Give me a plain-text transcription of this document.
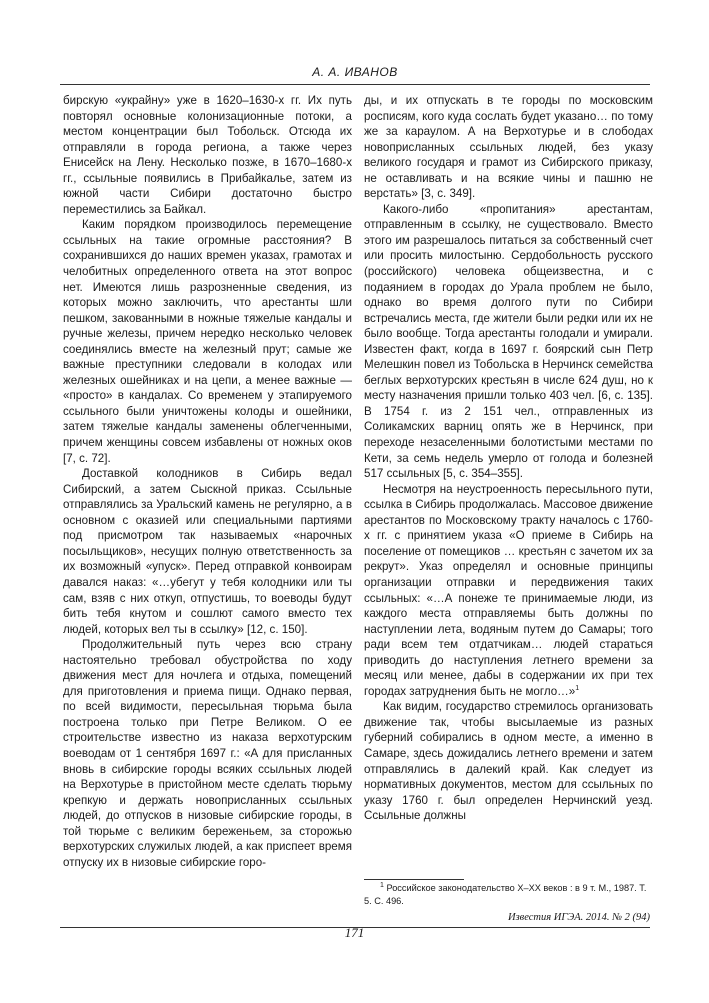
А. А. ИВАНОВ

бирскую «украйну» уже в 1620–1630-х гг. Их путь повторял основные колонизационные потоки, а местом концентрации был Тобольск. Отсюда их отправляли в города региона, а также через Енисейск на Лену. Несколько позже, в 1670–1680-х гг., ссыльные появились в Прибайкалье, затем из южной части Сибири достаточно быстро переместились за Байкал.

Каким порядком производилось перемещение ссыльных на такие огромные расстояния? В сохранившихся до наших времен указах, грамотах и челобитных определенного ответа на этот вопрос нет. Имеются лишь разрозненные сведения, из которых можно заключить, что арестанты шли пешком, закованными в ножные тяжелые кандалы и ручные железы, причем нередко несколько человек соединялись вместе на железный прут; самые же важные преступники следовали в колодах или железных ошейниках и на цепи, а менее важные — «просто» в кандалах. Со временем у этапируемого ссыльного были уничтожены колоды и ошейники, затем тяжелые кандалы заменены облегченными, причем женщины совсем избавлены от ножных оков [7, с. 72].

Доставкой колодников в Сибирь ведал Сибирский, а затем Сыскной приказ. Ссыльные отправлялись за Уральский камень не регулярно, а в основном с оказией или специальными партиями под присмотром так называемых «нарочных посыльщиков», несущих полную ответственность за их возможный «упуск». Перед отправкой конвоирам давался наказ: «…убегут у тебя колодники или ты сам, взяв с них откуп, отпустишь, то воеводы будут бить тебя кнутом и сошлют самого вместо тех людей, которых вел ты в ссылку» [12, с. 150].

Продолжительный путь через всю страну настоятельно требовал обустройства по ходу движения мест для ночлега и отдыха, помещений для приготовления и приема пищи. Однако первая, по всей видимости, пересыльная тюрьма была построена только при Петре Великом. О ее строительстве известно из наказа верхотурским воеводам от 1 сентября 1697 г.: «А для присланных вновь в сибирские городы всяких ссыльных людей на Верхотурье в пристойном месте сделать тюрьму крепкую и держать новоприсланных ссыльных людей, до отпусков в низовые сибирские городы, в той тюрьме с великим береженьем, за сторожью верхотурских служилых людей, а как приспеет время отпуску их в низовые сибирские горо-

ды, и их отпускать в те городы по московским росписям, кого куда сослать будет указано… по тому же за караулом. А на Верхотурье и в слободах новоприсланных ссыльных людей, без указу великого государя и грамот из Сибирского приказу, не оставливать и на всякие чины и пашню не верстать» [3, с. 349].

Какого-либо «пропитания» арестантам, отправленным в ссылку, не существовало. Вместо этого им разрешалось питаться за собственный счет или просить милостыню. Сердобольность русского (российского) человека общеизвестна, и с подаянием в городах до Урала проблем не было, однако во время долгого пути по Сибири встречались места, где жители были редки или их не было вообще. Тогда арестанты голодали и умирали. Известен факт, когда в 1697 г. боярский сын Петр Мелешкин повел из Тобольска в Нерчинск семейства беглых верхотурских крестьян в числе 624 душ, но к месту назначения пришли только 403 чел. [6, с. 135]. В 1754 г. из 2 151 чел., отправленных из Соликамских варниц опять же в Нерчинск, при переходе незаселенными болотистыми местами по Кети, за семь недель умерло от голода и болезней 517 ссыльных [5, с. 354–355].

Несмотря на неустроенность пересыльного пути, ссылка в Сибирь продолжалась. Массовое движение арестантов по Московскому тракту началось с 1760-х гг. с принятием указа «О приеме в Сибирь на поселение от помещиков … крестьян с зачетом их за рекрут». Указ определял и основные принципы организации отправки и передвижения таких ссыльных: «…А понеже те принимаемые люди, из каждого места отправляемы быть должны по наступлении лета, водяным путем до Самары; того ради всем тем отдатчикам… людей стараться приводить до наступления летнего времени за месяц или менее, дабы в содержании их при тех городах затруднения быть не могло…»$^1$

Как видим, государство стремилось организовать движение так, чтобы высылаемые из разных губерний собирались в одном месте, а именно в Самаре, здесь дожидались летнего времени и затем отправлялись в далекий край. Как следует из нормативных документов, местом для ссыльных по указу 1760 г. был определен Нерчинский уезд. Ссыльные должны

$^1$ Российское законодательство X–XX веков : в 9 т. М., 1987. Т. 5. С. 496.
Известия ИГЭА. 2014. № 2 (94)
171
